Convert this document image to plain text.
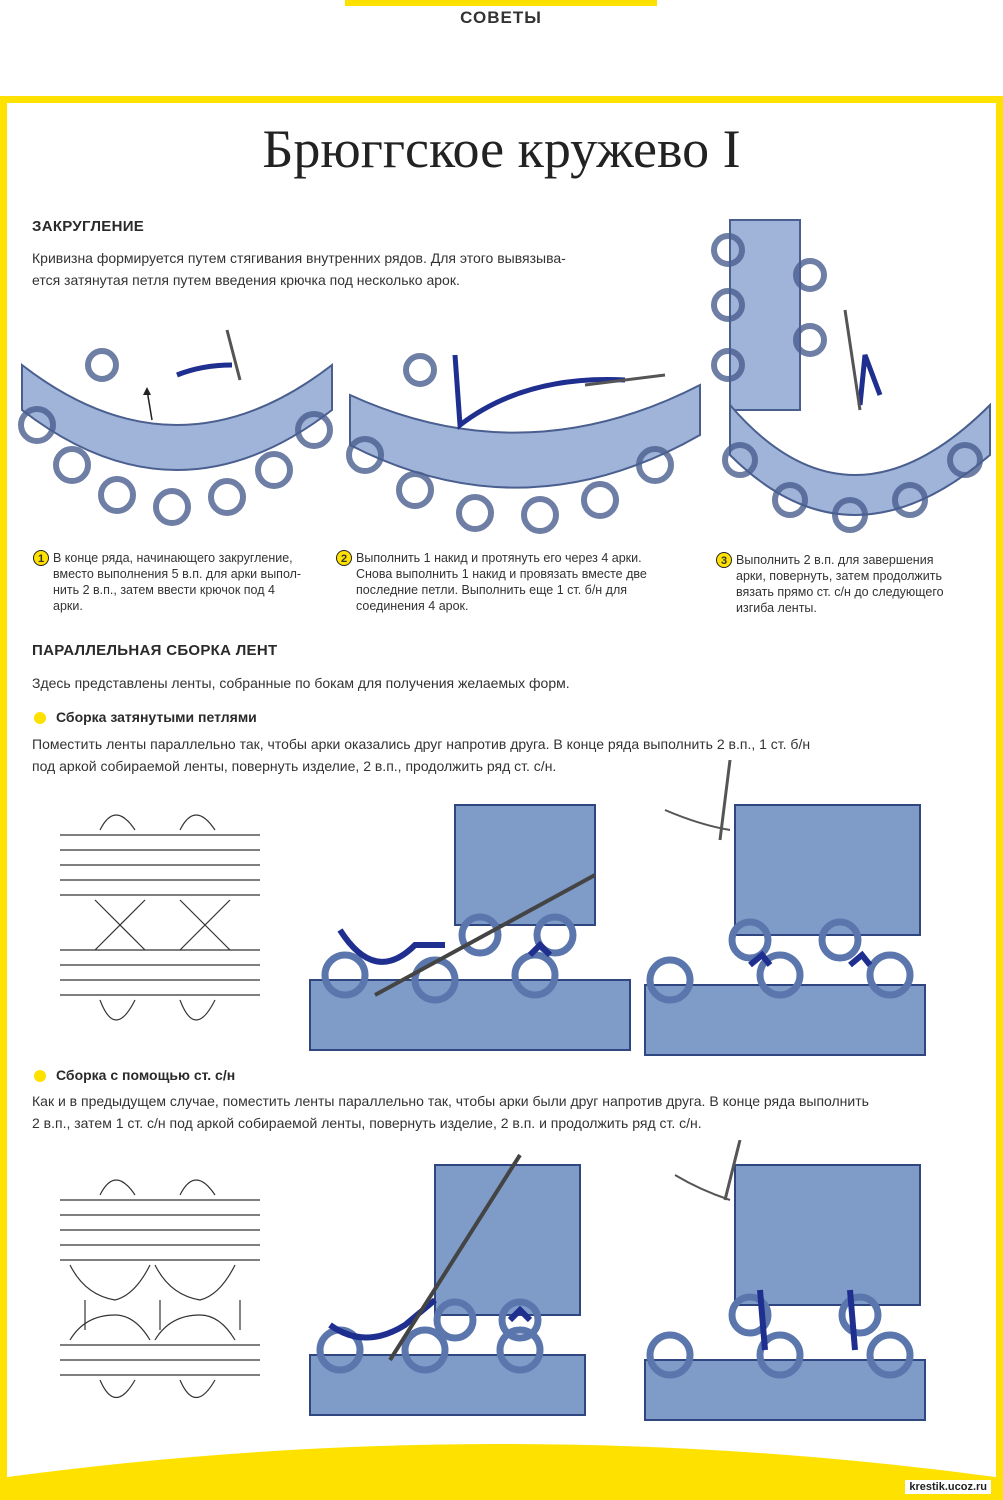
СОВЕТЫ
Брюггское кружево I
ЗАКРУГЛЕНИЕ
Кривизна формируется путем стягивания внутренних рядов. Для этого вывязыва-
ется затянутая петля путем введения крючка под несколько арок.
1 В конце ряда, начинающего закругление,
вместо выполнения 5 в.п. для арки выпол-
нить 2 в.п., затем ввести крючок под 4
арки.
2 Выполнить 1 накид и протянуть его через 4 арки.
Снова выполнить 1 накид и провязать вместе две
последние петли. Выполнить еще 1 ст. б/н для
соединения 4 арок.
3 Выполнить 2 в.п. для завершения
арки, повернуть, затем продолжить
вязать прямо ст. с/н до следующего
изгиба ленты.
ПАРАЛЛЕЛЬНАЯ СБОРКА ЛЕНТ
Здесь представлены ленты, собранные по бокам для получения желаемых форм.
Сборка затянутыми петлями
Поместить ленты параллельно так, чтобы арки оказались друг напротив друга. В конце ряда выполнить 2 в.п., 1 ст. б/н
под аркой собираемой ленты, повернуть изделие, 2 в.п., продолжить ряд ст. с/н.
Сборка с помощью ст. с/н
Как и в предыдущем случае, поместить ленты параллельно так, чтобы арки были друг напротив друга. В конце ряда выполнить
2 в.п., затем 1 ст. с/н под аркой собираемой ленты, повернуть изделие, 2 в.п. и продолжить ряд ст. с/н.
krestik.ucoz.ru
